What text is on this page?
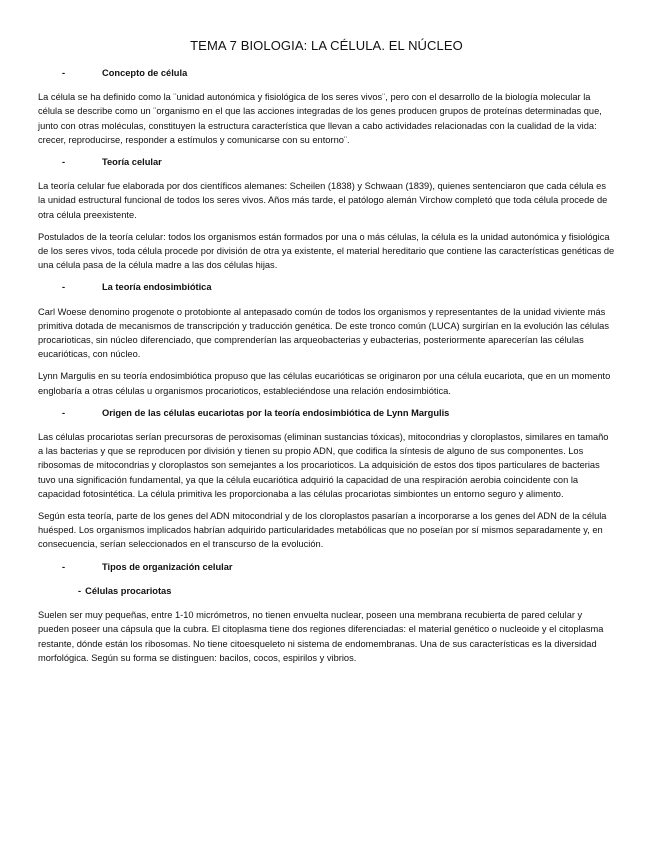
TEMA 7 BIOLOGIA: LA CÉLULA. EL NÚCLEO
-	Concepto de célula

La célula se ha definido como la ¨unidad autonómica y fisiológica de los seres vivos¨, pero con el desarrollo de la biología molecular la célula se describe como un ¨organismo en el que las acciones integradas de los genes producen grupos de proteínas determinadas que, junto con otras moléculas, constituyen la estructura característica que llevan a cabo actividades relacionadas con la cualidad de la vida: crecer, reproducirse, responder a estímulos y comunicarse con su entorno¨.

-	Teoría celular

La teoría celular fue elaborada por dos científicos alemanes: Scheilen (1838) y Schwaan (1839), quienes sentenciaron que cada célula es la unidad estructural funcional de todos los seres vivos. Años más tarde, el patólogo alemán Virchow completó que toda célula procede de otra célula preexistente.

Postulados de la teoría celular: todos los organismos están formados por una o más células, la célula es la unidad autonómica y fisiológica de los seres vivos, toda célula procede por división de otra ya existente, el material hereditario que contiene las características genéticas de una célula pasa de la célula madre a las dos células hijas.

-	La teoría endosimbiótica

Carl Woese denomino progenote o protobionte al antepasado común de todos los organismos y representantes de la unidad viviente más primitiva dotada de mecanismos de transcripción y traducción genética. De este tronco común (LUCA) surgirían en la evolución las células procarioticas, sin núcleo diferenciado, que comprenderían las arqueobacterias y eubacterias, posteriormente aparecerían las células eucarióticas, con núcleo.

Lynn Margulis en su teoría endosimbiótica propuso que las células eucarióticas se originaron por una célula eucariota, que en un momento englobaría a otras células u organismos procarioticos, estableciéndose una relación endosimbiótica.

-	Origen de las células eucariotas por la teoría endosimbiótica de Lynn Margulis

Las células procariotas serían precursoras de peroxisomas (eliminan sustancias tóxicas), mitocondrias y cloroplastos, similares en tamaño a las bacterias y que se reproducen por división y tienen su propio ADN, que codifica la síntesis de alguno de sus componentes. Los ribosomas de mitocondrias y cloroplastos son semejantes a los procarioticos. La adquisición de estos dos tipos particulares de bacterias tuvo una significación fundamental, ya que la célula eucariótica adquirió la capacidad de una respiración aerobia coincidente con la capacidad fotosintética. La célula primitiva les proporcionaba a las células procariotas simbiontes un entorno seguro y alimento.

Según esta teoría, parte de los genes del ADN mitocondrial y de los cloroplastos pasarían a incorporarse a los genes del ADN de la célula huésped. Los organismos implicados habrían adquirido particularidades metabólicas que no poseían por sí mismos separadamente y, en consecuencia, serían seleccionados en el transcurso de la evolución.

-	Tipos de organización celular
- Células procariotas

Suelen ser muy pequeñas, entre 1-10 micrómetros, no tienen envuelta nuclear, poseen una membrana recubierta de pared celular y pueden poseer una cápsula que la cubra. El citoplasma tiene dos regiones diferenciadas: el material genético o nucleoide y el citoplasma restante, dónde están los ribosomas. No tiene citoesqueleto ni sistema de endomembranas. Una de sus características es la diversidad morfológica. Según su forma se distinguen: bacilos, cocos, espirilos y vibrios.
